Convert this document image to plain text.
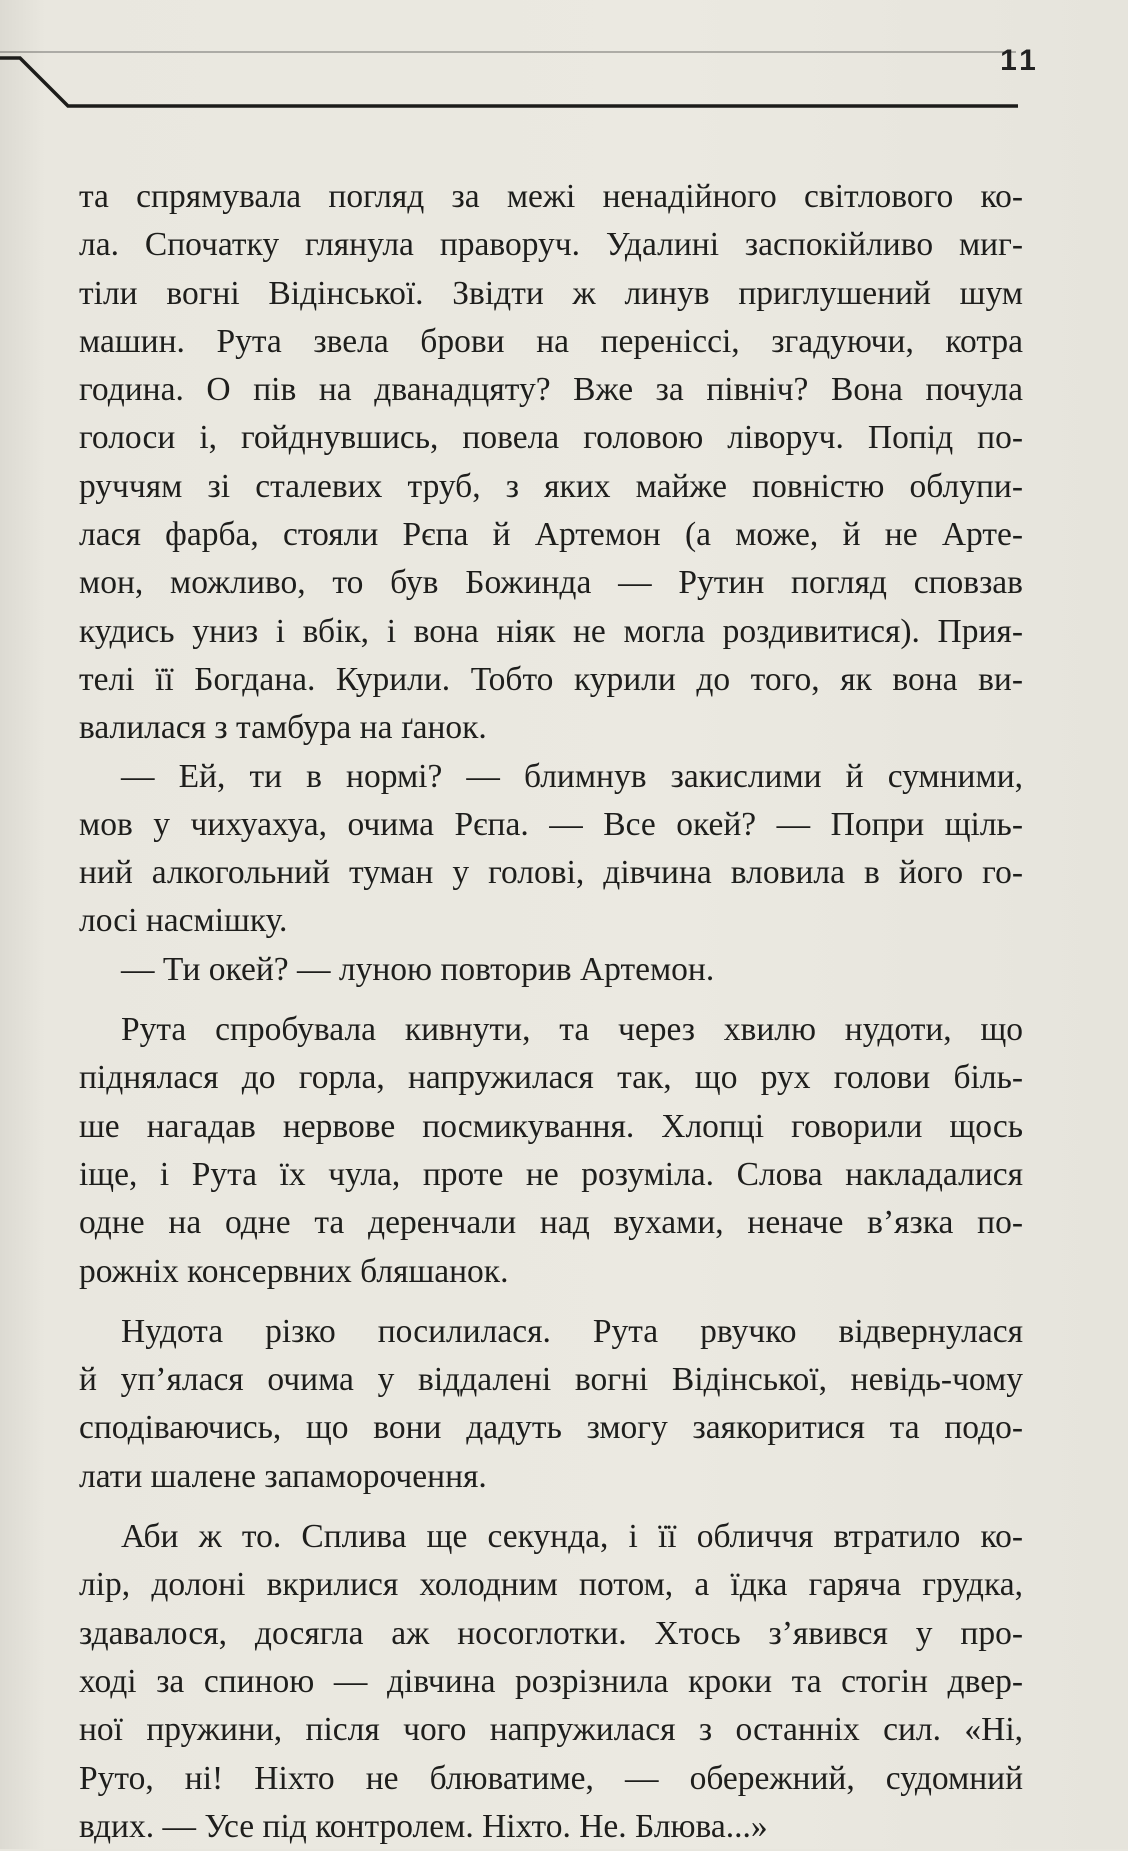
11

та спрямувала погляд за межі ненадійного світлового ко-
ла. Спочатку глянула праворуч. Удалині заспокійливо миг-
тіли вогні Відінської. Звідти ж линув приглушений шум
машин. Рута звела брови на переніссі, згадуючи, котра
година. О пів на дванадцяту? Вже за північ? Вона почула
голоси і, гойднувшись, повела головою ліворуч. Попід по-
руччям зі сталевих труб, з яких майже повністю облупи-
лася фарба, стояли Рєпа й Артемон (а може, й не Арте-
мон, можливо, то був Божинда — Рутин погляд сповзав
кудись униз і вбік, і вона ніяк не могла роздивитися). Прия-
телі її Богдана. Курили. Тобто курили до того, як вона ви-
валилася з тамбура на ґанок.

— Ей, ти в нормі? — блимнув закислими й сумними,
мов у чихуахуа, очима Рєпа. — Все окей? — Попри щіль-
ний алкогольний туман у голові, дівчина вловила в його го-
лосі насмішку.

— Ти окей? — луною повторив Артемон.

Рута спробувала кивнути, та через хвилю нудоти, що
піднялася до горла, напружилася так, що рух голови біль-
ше нагадав нервове посмикування. Хлопці говорили щось
іще, і Рута їх чула, проте не розуміла. Слова накладалися
одне на одне та деренчали над вухами, неначе в’язка по-
рожніх консервних бляшанок.

Нудота різко посилилася. Рута рвучко відвернулася
й уп’ялася очима у віддалені вогні Відінської, невідь-чому
сподіваючись, що вони дадуть змогу заякоритися та подо-
лати шалене запаморочення.

Аби ж то. Сплива ще секунда, і її обличчя втратило ко-
лір, долоні вкрилися холодним потом, а їдка гаряча грудка,
здавалося, досягла аж носоглотки. Хтось з’явився у про-
ході за спиною — дівчина розрізнила кроки та стогін двер-
ної пружини, після чого напружилася з останніх сил. «Ні,
Руто, ні! Ніхто не блюватиме, — обережний, судомний
вдих. — Усе під контролем. Ніхто. Не. Блюва...»
